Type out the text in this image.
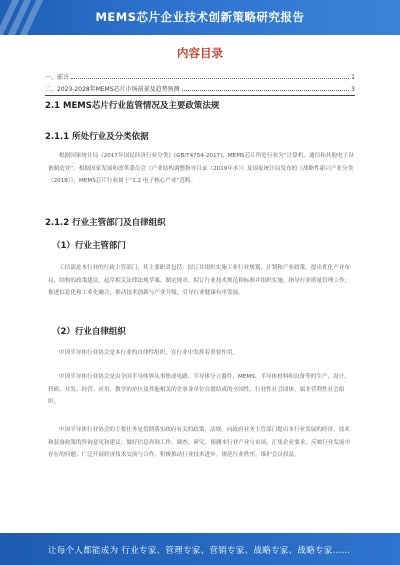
MEMS芯片企业技术创新策略研究报告
内容目录
一、前言	1
二、2023-2028年MEMS芯片市场前景及趋势预测	3
2.1 MEMS芯片行业监管情况及主要政策法规
2.1.1 所处行业及分类依据
根据国家统计局《2017年国民经济行业分类》(GB/T4754-2017)，MEMS芯片所处行业为“计算机、通信和其他电子设备制造业”。根据国家发展和改革委员会《产业结构调整指导目录（2019年本）》及国家统计局发布的《战略性新兴产业分类（2018）》，MEMS芯片行业属于“1.2 电子核心产业”范畴。
2.1.2 行业主管部门及自律组织
（1）行业主管部门
工信部是本行业的行政主管部门，其主要职责包括：拟订并组织实施工业行业规划、计划和产业政策，提出优化产业布局、结构的政策建议，起草相关法律法规草案，制定规章，拟订行业技术规范和标准并组织实施，指导行业质量管理工作；推进信息化和工业化融合，推动技术创新与产业升级，引导行业健康有序发展。
（2）行业自律组织
中国半导体行业协会是本行业的自律性组织，在行业中发挥着重要作用。
中国半导体行业协会是由全国半导体界从事集成电路、半导体分立器件、MEMS、半导体材料和设备等的生产、设计、科研、开发、经营、应用、教学的单位及其他相关的企事业单位自愿结成的全国性、行业性社会团体，属非营利性社会组织。
中国半导体行业协会的主要任务是贯彻落实政府有关的政策、法规，向政府业务主管部门提出本行业发展的经济、技术和装备政策的咨询意见和建议；做好信息咨询工作，调查、研究、预测本行业产业与市场，汇集企业要求，反映行业发展中存在的问题；广泛开展经济技术交流与合作，积极推动行业技术进步，规范行业秩序，维护会员权益。
让每个人都能成为 行业专家、管理专家、营销专家、战略专家、战略专家……
